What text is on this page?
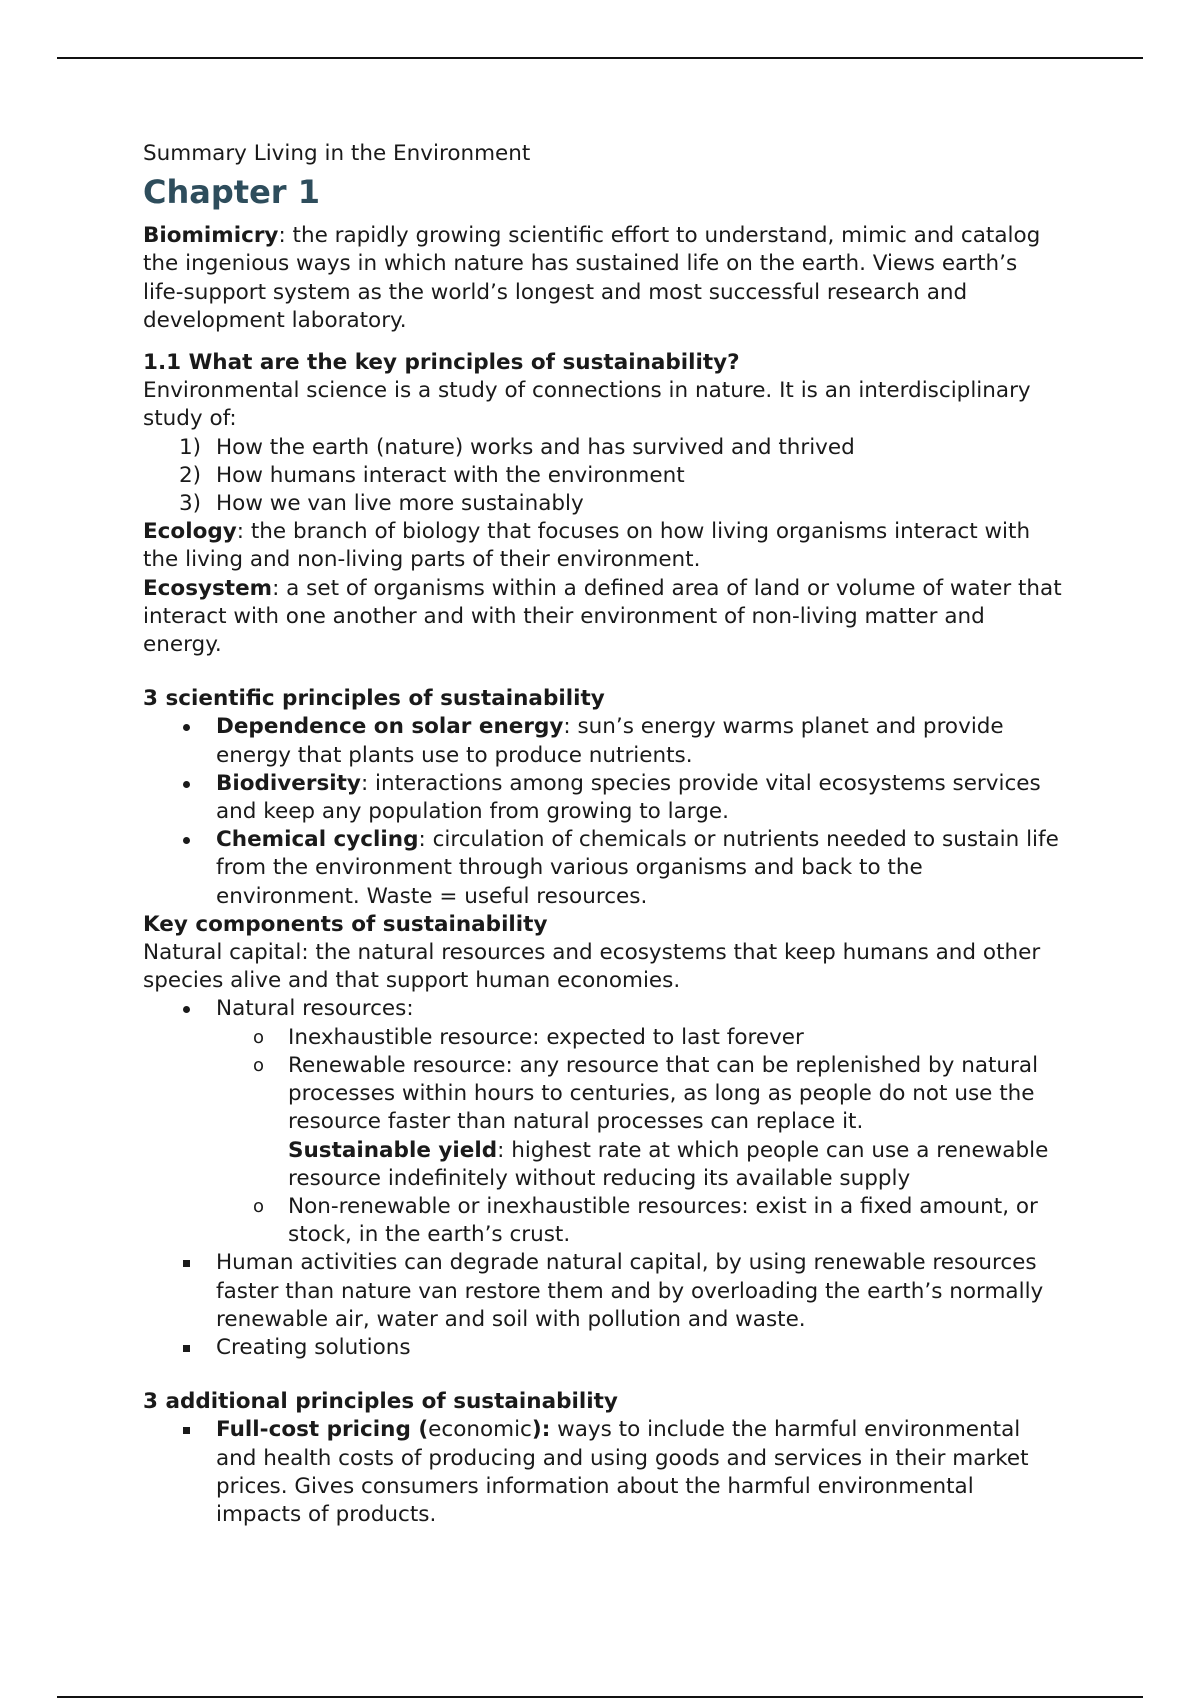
Summary Living in the Environment

Chapter 1

Biomimicry: the rapidly growing scientific effort to understand, mimic and catalog the ingenious ways in which nature has sustained life on the earth. Views earth’s life-support system as the world’s longest and most successful research and development laboratory.

1.1 What are the key principles of sustainability?

Environmental science is a study of connections in nature. It is an interdisciplinary study of:

1) How the earth (nature) works and has survived and thrived
2) How humans interact with the environment
3) How we van live more sustainably

Ecology: the branch of biology that focuses on how living organisms interact with the living and non-living parts of their environment.

Ecosystem: a set of organisms within a defined area of land or volume of water that interact with one another and with their environment of non-living matter and energy.

3 scientific principles of sustainability

Dependence on solar energy: sun’s energy warms planet and provide energy that plants use to produce nutrients.
Biodiversity: interactions among species provide vital ecosystems services and keep any population from growing to large.
Chemical cycling: circulation of chemicals or nutrients needed to sustain life from the environment through various organisms and back to the environment. Waste = useful resources.

Key components of sustainability

Natural capital: the natural resources and ecosystems that keep humans and other species alive and that support human economies.

Natural resources:
o Inexhaustible resource: expected to last forever
o Renewable resource: any resource that can be replenished by natural processes within hours to centuries, as long as people do not use the resource faster than natural processes can replace it.
Sustainable yield: highest rate at which people can use a renewable resource indefinitely without reducing its available supply
o Non-renewable or inexhaustible resources: exist in a fixed amount, or stock, in the earth’s crust.
Human activities can degrade natural capital, by using renewable resources faster than nature van restore them and by overloading the earth’s normally renewable air, water and soil with pollution and waste.
Creating solutions

3 additional principles of sustainability

Full-cost pricing (economic): ways to include the harmful environmental and health costs of producing and using goods and services in their market prices. Gives consumers information about the harmful environmental impacts of products.
